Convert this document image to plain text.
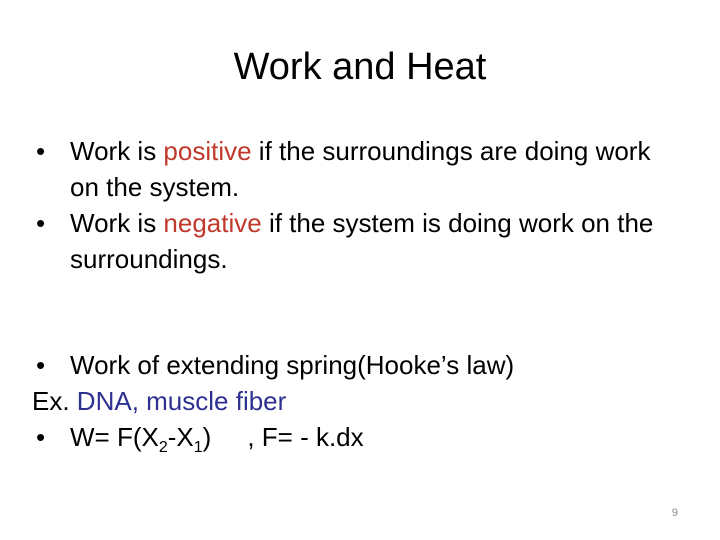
Work and Heat
• Work is positive if the surroundings are doing work on the system.
• Work is negative if the system is doing work on the surroundings.
• Work of extending spring(Hooke’s law)
Ex. DNA, muscle fiber
• $W= F(X_2-X_1)$ , F= - k.dx
9
